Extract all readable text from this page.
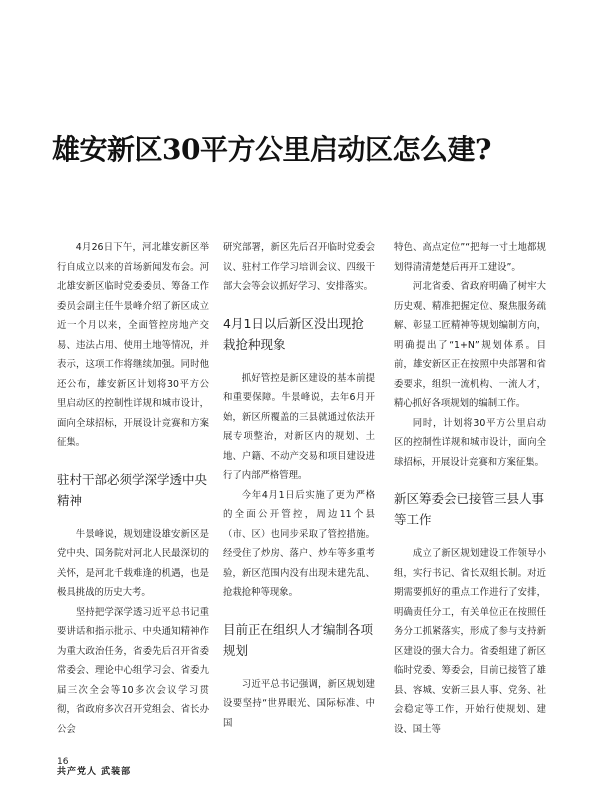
雄安新区30平方公里启动区怎么建?

4月26日下午，河北雄安新区举行自成立以来的首场新闻发布会。河北雄安新区临时党委委员、筹备工作委员会副主任牛景峰介绍了新区成立近一个月以来，全面管控房地产交易、违法占用、使用土地等情况，并表示，这项工作将继续加强。同时他还公布，雄安新区计划将30平方公里启动区的控制性详规和城市设计，面向全球招标，开展设计竞赛和方案征集。

驻村干部必须学深学透中央精神

牛景峰说，规划建设雄安新区是党中央、国务院对河北人民最深切的关怀，是河北千载难逢的机遇，也是极具挑战的历史大考。

坚持把学深学透习近平总书记重要讲话和指示批示、中央通知精神作为重大政治任务，省委先后召开省委常委会、理论中心组学习会、省委九届三次全会等10多次会议学习贯彻，省政府多次召开党组会、省长办公会

研究部署，新区先后召开临时党委会议、驻村工作学习培训会议、四级干部大会等会议抓好学习、安排落实。

4月1日以后新区没出现抢栽抢种现象

抓好管控是新区建设的基本前提和重要保障。牛景峰说，去年6月开始，新区所覆盖的三县就通过依法开展专项整治，对新区内的规划、土地、户籍、不动产交易和项目建设进行了内部严格管理。

今年4月1日后实施了更为严格的全面公开管控，周边11个县（市、区）也同步采取了管控措施。经受住了炒房、落户、炒车等多重考验，新区范围内没有出现未建先乱、抢栽抢种等现象。

目前正在组织人才编制各项规划

习近平总书记强调，新区规划建设要坚持“世界眼光、国际标准、中国

特色、高点定位”“把每一寸土地都规划得清清楚楚后再开工建设”。

河北省委、省政府明确了树牢大历史观、精准把握定位、聚焦服务疏解、彰显工匠精神等规划编制方向，明确提出了“1+N”规划体系。目前，雄安新区正在按照中央部署和省委要求，组织一流机构、一流人才，精心抓好各项规划的编制工作。

同时，计划将30平方公里启动区的控制性详规和城市设计，面向全球招标，开展设计竞赛和方案征集。

新区筹委会已接管三县人事等工作

成立了新区规划建设工作领导小组，实行书记、省长双组长制。对近期需要抓好的重点工作进行了安排，明确责任分工，有关单位正在按照任务分工抓紧落实，形成了参与支持新区建设的强大合力。省委组建了新区临时党委、筹委会，目前已接管了雄县、容城、安新三县人事、党务、社会稳定等工作，开始行使规划、建设、国土等

16
共产党人 武装部
